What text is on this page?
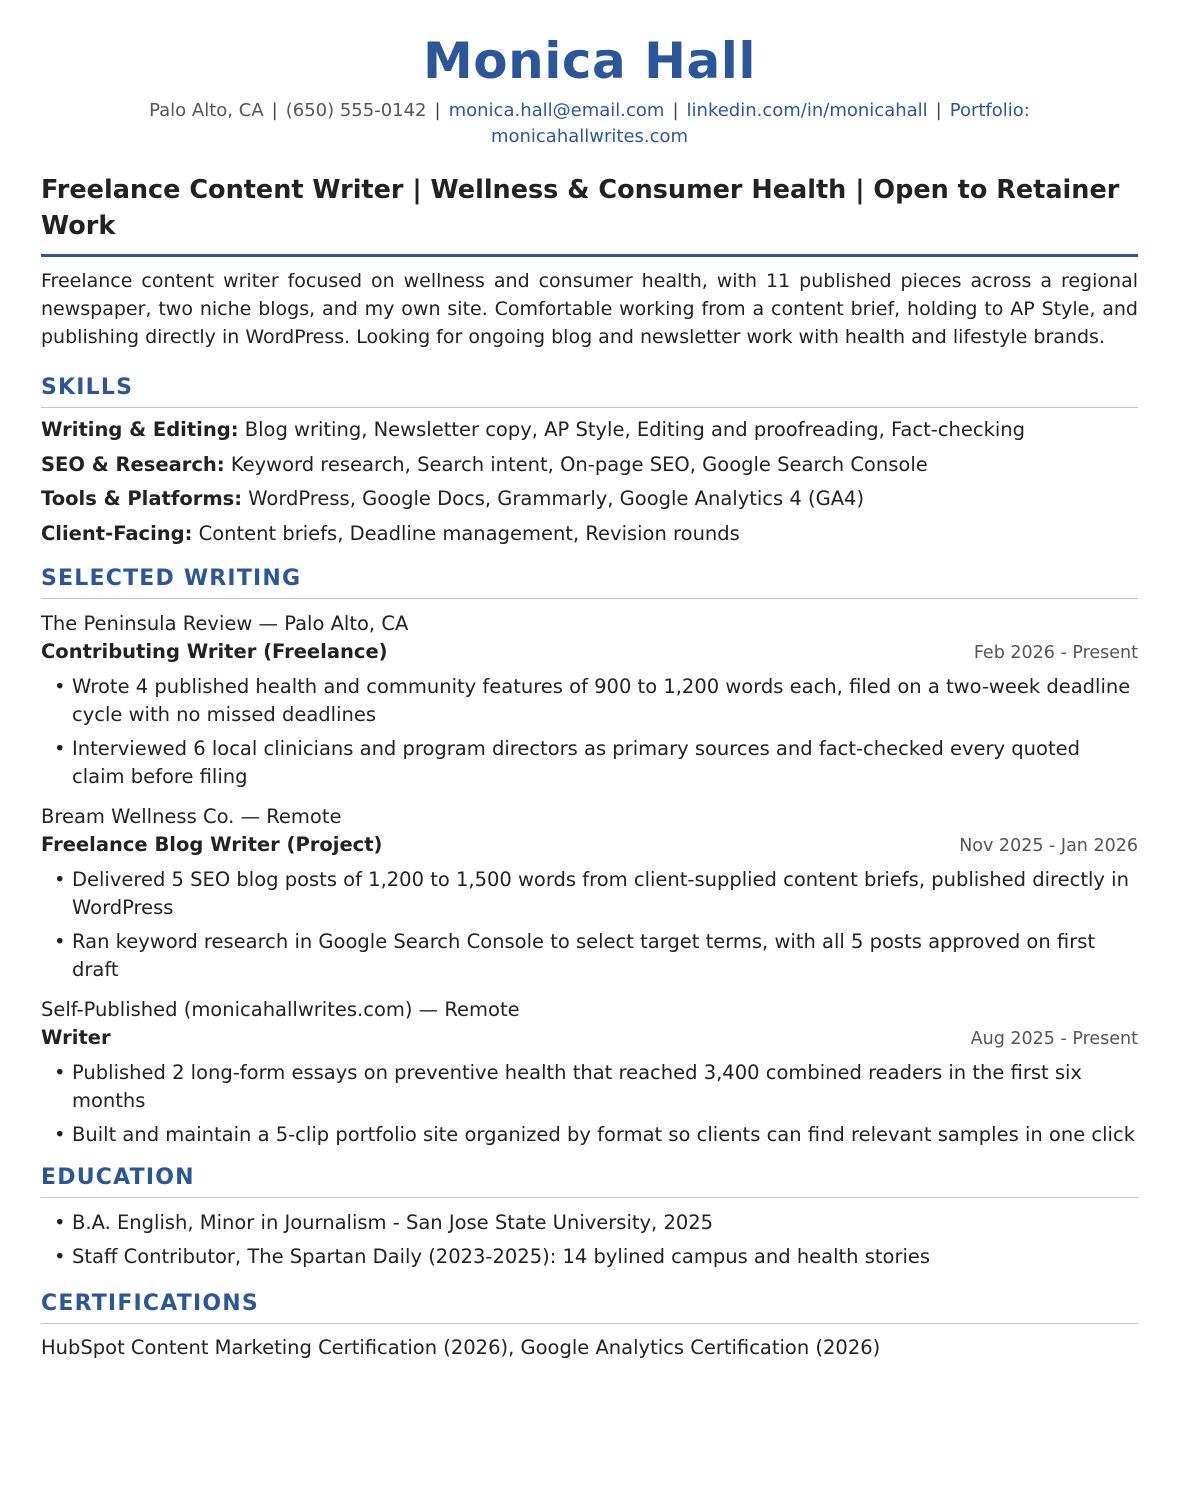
Monica Hall
Palo Alto, CA | (650) 555-0142 | monica.hall@email.com | linkedin.com/in/monicahall | Portfolio:
monicahallwrites.com
Freelance Content Writer | Wellness & Consumer Health | Open to Retainer Work
Freelance content writer focused on wellness and consumer health, with 11 published pieces across a regional newspaper, two niche blogs, and my own site. Comfortable working from a content brief, holding to AP Style, and publishing directly in WordPress. Looking for ongoing blog and newsletter work with health and lifestyle brands.
SKILLS
Writing & Editing: Blog writing, Newsletter copy, AP Style, Editing and proofreading, Fact-checking
SEO & Research: Keyword research, Search intent, On-page SEO, Google Search Console
Tools & Platforms: WordPress, Google Docs, Grammarly, Google Analytics 4 (GA4)
Client-Facing: Content briefs, Deadline management, Revision rounds
SELECTED WRITING
The Peninsula Review — Palo Alto, CA
Contributing Writer (Freelance)	Feb 2026 - Present
• Wrote 4 published health and community features of 900 to 1,200 words each, filed on a two-week deadline cycle with no missed deadlines
• Interviewed 6 local clinicians and program directors as primary sources and fact-checked every quoted claim before filing
Bream Wellness Co. — Remote
Freelance Blog Writer (Project)	Nov 2025 - Jan 2026
• Delivered 5 SEO blog posts of 1,200 to 1,500 words from client-supplied content briefs, published directly in WordPress
• Ran keyword research in Google Search Console to select target terms, with all 5 posts approved on first draft
Self-Published (monicahallwrites.com) — Remote
Writer	Aug 2025 - Present
• Published 2 long-form essays on preventive health that reached 3,400 combined readers in the first six months
• Built and maintain a 5-clip portfolio site organized by format so clients can find relevant samples in one click
EDUCATION
• B.A. English, Minor in Journalism - San Jose State University, 2025
• Staff Contributor, The Spartan Daily (2023-2025): 14 bylined campus and health stories
CERTIFICATIONS
HubSpot Content Marketing Certification (2026), Google Analytics Certification (2026)
